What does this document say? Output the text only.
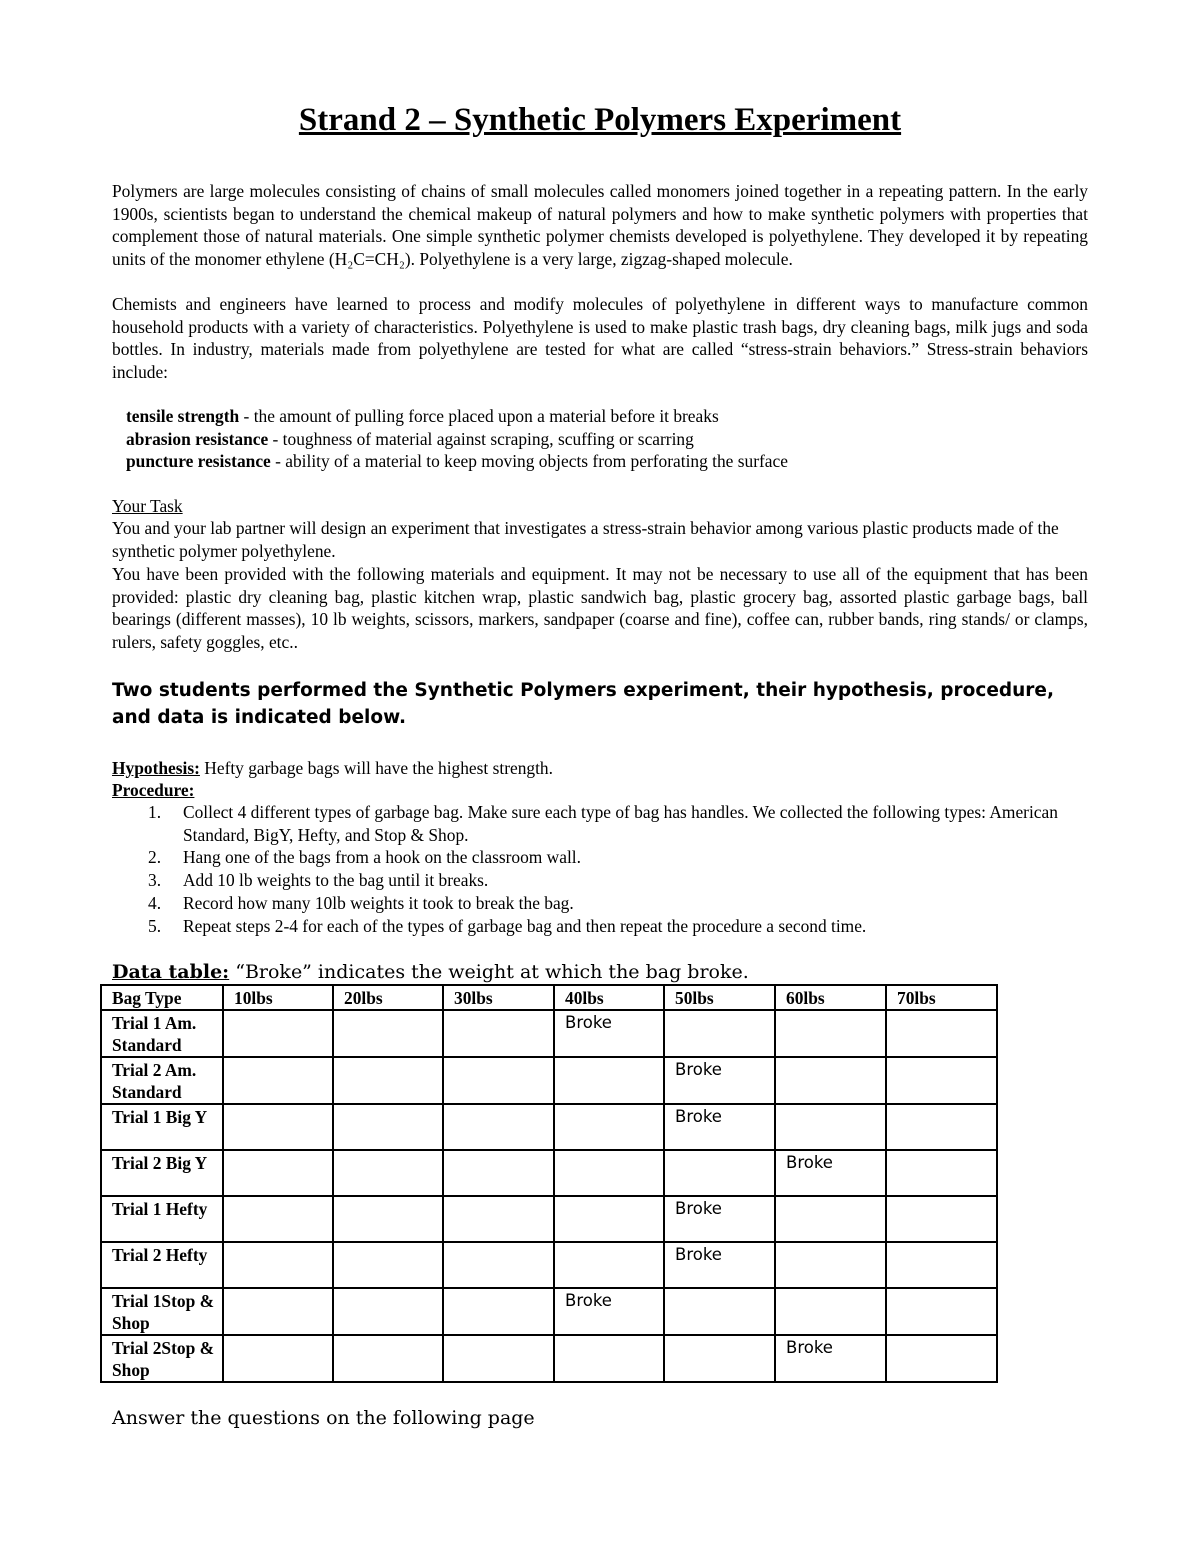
Strand 2 – Synthetic Polymers Experiment

Polymers are large molecules consisting of chains of small molecules called monomers joined together in a repeating pattern. In the early 1900s, scientists began to understand the chemical makeup of natural polymers and how to make synthetic polymers with properties that complement those of natural materials. One simple synthetic polymer chemists developed is polyethylene. They developed it by repeating units of the monomer ethylene (H₂C=CH₂). Polyethylene is a very large, zigzag-shaped molecule.

Chemists and engineers have learned to process and modify molecules of polyethylene in different ways to manufacture common household products with a variety of characteristics. Polyethylene is used to make plastic trash bags, dry cleaning bags, milk jugs and soda bottles. In industry, materials made from polyethylene are tested for what are called “stress-strain behaviors.” Stress-strain behaviors include:

tensile strength - the amount of pulling force placed upon a material before it breaks
abrasion resistance - toughness of material against scraping, scuffing or scarring
puncture resistance - ability of a material to keep moving objects from perforating the surface

Your Task

You and your lab partner will design an experiment that investigates a stress-strain behavior among various plastic products made of the synthetic polymer polyethylene.

You have been provided with the following materials and equipment. It may not be necessary to use all of the equipment that has been provided: plastic dry cleaning bag, plastic kitchen wrap, plastic sandwich bag, plastic grocery bag, assorted plastic garbage bags, ball bearings (different masses), 10 lb weights, scissors, markers, sandpaper (coarse and fine), coffee can, rubber bands, ring stands/ or clamps, rulers, safety goggles, etc..

Two students performed the Synthetic Polymers experiment, their hypothesis, procedure, and data is indicated below.

Hypothesis: Hefty garbage bags will have the highest strength.

Procedure:

1. Collect 4 different types of garbage bag. Make sure each type of bag has handles. We collected the following types: American Standard, BigY, Hefty, and Stop & Shop.
2. Hang one of the bags from a hook on the classroom wall.
3. Add 10 lb weights to the bag until it breaks.
4. Record how many 10lb weights it took to break the bag.
5. Repeat steps 2-4 for each of the types of garbage bag and then repeat the procedure a second time.

Data table: “Broke” indicates the weight at which the bag broke.

Bag Type	10lbs	20lbs	30lbs	40lbs	50lbs	60lbs	70lbs
Trial 1 Am. Standard				Broke			
Trial 2 Am. Standard					Broke		
Trial 1 Big Y					Broke		
Trial 2 Big Y						Broke	
Trial 1 Hefty					Broke		
Trial 2 Hefty					Broke		
Trial 1Stop & Shop				Broke			
Trial 2Stop & Shop						Broke	

Answer the questions on the following page
